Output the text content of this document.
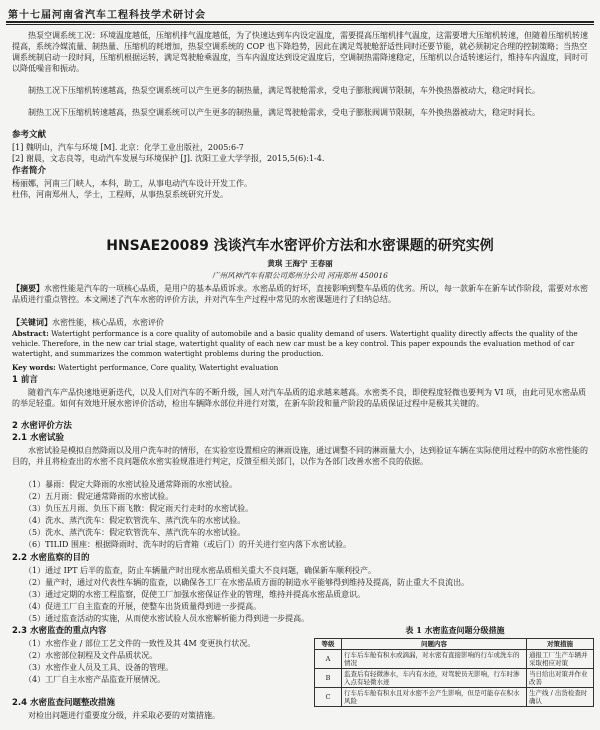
第十七届河南省汽车工程科技学术研讨会
热泵空调系统工况：环境温度越低，压缩机排气温度越低，为了快速达到车内设定温度，需要提高压缩机排气温度，这需要增大压缩机转速，但随着压缩机转速提高，系统冷媒流量、制热量、压缩机的耗增加，热泵空调系统的 COP 也下降趋势，因此在满足驾驶舱舒适性同时还要节能，就必须制定合理的控制策略；当热空调系统制启动一段时间，压缩机根据运转，满足驾驶舱乘温度，当车内温度达到设定温度后，空调制热需降速稳定，压缩机以合适转速运行，维持车内温度，同时可以降低噪音和振动。
制热工况下压缩机转速越高，热泵空调系统可以产生更多的制热量，满足驾驶舱需求，受电子膨胀阀调节限制，车外换热器被动大，稳定时间长。
制热工况下压缩机转速越高，热泵空调系统可以产生更多的制热量，满足驾驶舱需求，受电子膨胀阀调节限制，车外换热器被动大，稳定时间长。
参考文献
[1] 魏明山，汽车与环境 [M]. 北京：化学工业出版社，2005:6-7
[2] 谢晨，文志良等，电动汽车发展与环境保护 [J]. 沈阳工业大学学报，2015,5(6):1-4.
作者简介
杨丽娜，河南三门峡人，本科，助工，从事电动汽车设计开发工作。
杜伟，河南郑州人，学士，工程师，从事热泵系统研究开发。
HNSAE20089 浅谈汽车水密评价方法和水密课题的研究实例
黄琪 王海宁 王春丽
广州风神汽车有限公司郑州分公司 河南郑州 450016
【摘要】水密性能是汽车的一项核心品质，是用户的基本品质诉求。水密品质的好坏，直接影响到整车品质的优劣。所以，每一款新车在新车试作阶段，需要对水密品质进行重点管控。本文阐述了汽车水密的评价方法，并对汽车生产过程中常见的水密课题进行了归纳总结。
【关键词】水密性能，核心品质，水密评价
Abstract: Watertight performance is a core quality of automobile and a basic quality demand of users. Watertight quality directly affects the quality of the vehicle. Therefore, in the new car trial stage, watertight quality of each new car must be a key control. This paper expounds the evaluation method of car watertight, and summarizes the common watertight problems during the production.
Key words: Watertight performance, Core quality, Watertight evaluation
1 前言
随着汽车产品快速地更新迭代，以及人们对汽车的不断升级，国人对汽车品质的追求越来越高。水密类不良，即使程度轻微也要判为 VI 项，由此可见水密品质的举足轻重。如何有效地开展水密评价活动，检出车辆降水部位并进行对策，在新车阶段和量产阶段的品质保证过程中是极其关键的。
2 水密评价方法
2.1 水密试验
水密试验是模拟自然降雨以及用户洗车时的情形，在实验室设置相应的淋雨设施，通过调整不同的淋雨量大小，达到验证车辆在实际使用过程中的防水密性能的目的，并且将检查出的水密不良问题依水密实验规准进行判定，反馈至相关部门，以作为各部门改善水密不良的依据。
（1）暴雨：假定大降雨的水密试验及通常降雨的水密试验。
（2）五月雨：假定通常降雨的水密试验。
（3）负压五月雨、负压下雨飞散：假定雨天行走时的水密试验。
（4）洗水、蒸汽洗车：假定软管洗车、蒸汽洗车的水密试验。
（5）洗水、蒸汽洗车：假定软管洗车、蒸汽洗车的水密试验。
（6）TILID 围座：根据降雨时、洗车时的后背箱（或后门）的开关进行室内落下水密试验。
2.2 水密监察的目的
（1）通过 IPT 后半的监查，防止车辆量产时出现水密品质相关重大不良问题，确保新车顺利投产。
（2）量产时，通过对代表性车辆的监查，以确保各工厂在水密品质方面的制造水平能够得到维持及提高，防止重大不良流出。
（3）通过定期的水密工程监察，促使工厂加强水密保证作业的管理，维持并提高水密品质意识。
（4）促进工厂自主监查的开展，使整车出货质量得到进一步提高。
（5）通过监查活动的实施，从而使水密试验人员水密解析能力得到进一步提高。
2.3 水密监查的重点内容
（1）水密作业 / 部位工艺文件的一致性及其 4M 变更执行状况。
（2）水密部位制程及文件品质状况。
（3）水密作业人员及工具、设备的管理。
（4）工厂自主水密产品监查开展情况。
2.4 水密监查问题整改措施
对检出问题进行重要度分级，并采取必要的对策措施。
表 1 水密监查问题分级措施
等级	问题内容	对策措施
A	行车后车舱有积水或滴漏，对水密有直接影响的行车或洗车的情况	通报工厂生产车辆并采取相应对策
B	监查后有轻微渗水，车内有水迹，对驾驶员无影响，行车时渗入点有轻微水迹	当日给出对策并作业改善
C	行车后车舱有积水且对水密不会产生影响，但是可能存在积水风险	生产线 / 出货检查时确认
